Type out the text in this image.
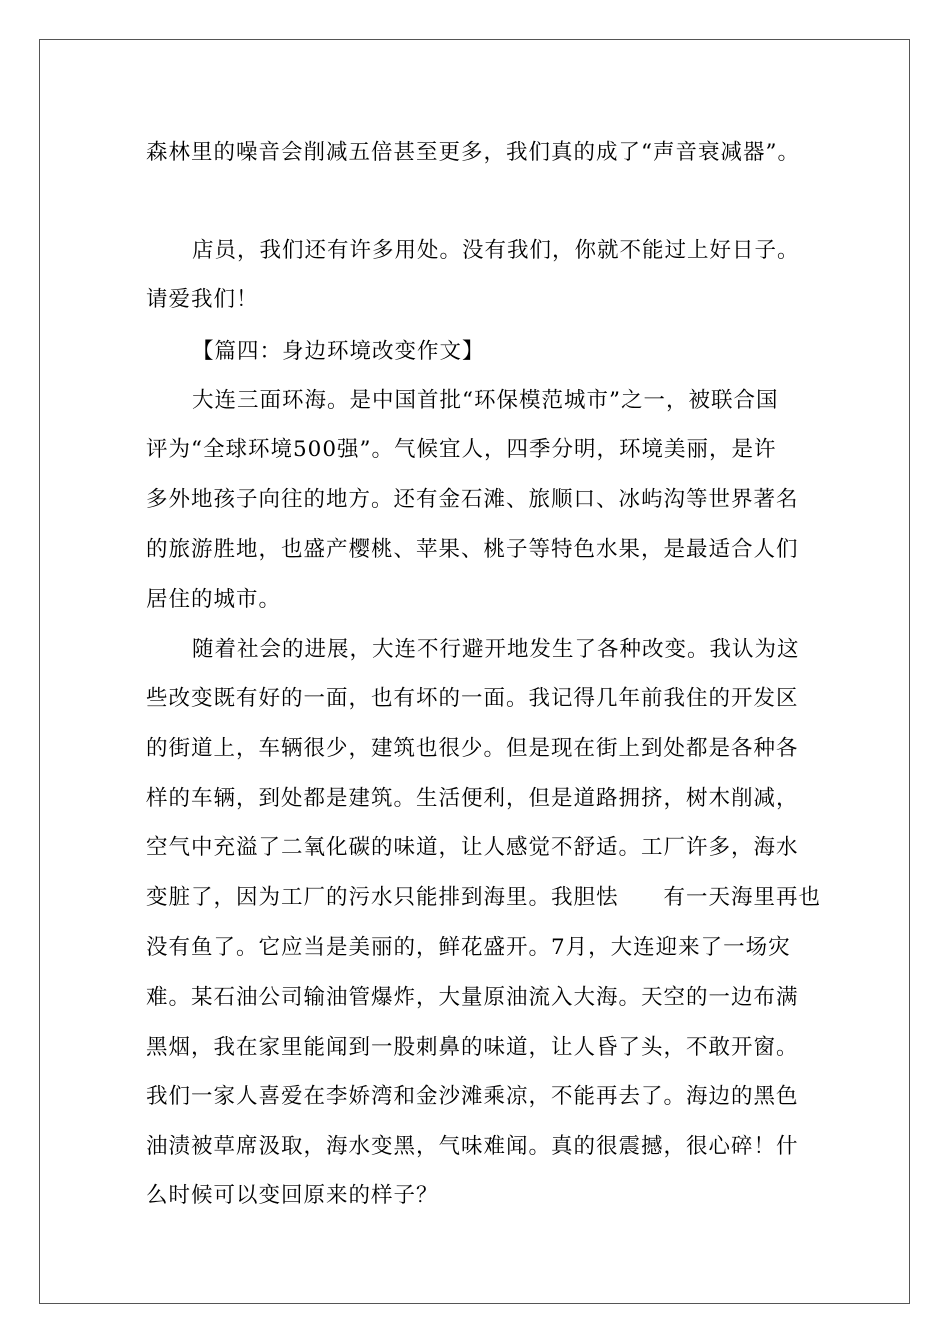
森林里的噪音会削减五倍甚至更多，我们真的成了“声音衰减器”。
店员，我们还有许多用处。没有我们，你就不能过上好日子。
请爱我们！
【篇四：身边环境改变作文】
大连三面环海。是中国首批“环保模范城市”之一，被联合国
评为“全球环境500强”。气候宜人，四季分明，环境美丽，是许
多外地孩子向往的地方。还有金石滩、旅顺口、冰屿沟等世界著名
的旅游胜地，也盛产樱桃、苹果、桃子等特色水果，是最适合人们
居住的城市。
随着社会的进展，大连不行避开地发生了各种改变。我认为这
些改变既有好的一面，也有坏的一面。我记得几年前我住的开发区
的街道上，车辆很少，建筑也很少。但是现在街上到处都是各种各
样的车辆，到处都是建筑。生活便利，但是道路拥挤，树木削减，
空气中充溢了二氧化碳的味道，让人感觉不舒适。工厂许多，海水
变脏了，因为工厂的污水只能排到海里。我胆怯　　有一天海里再也
没有鱼了。它应当是美丽的，鲜花盛开。7月，大连迎来了一场灾
难。某石油公司输油管爆炸，大量原油流入大海。天空的一边布满
黑烟，我在家里能闻到一股刺鼻的味道，让人昏了头，不敢开窗。
我们一家人喜爱在李娇湾和金沙滩乘凉，不能再去了。海边的黑色
油渍被草席汲取，海水变黑，气味难闻。真的很震撼，很心碎！什
么时候可以变回原来的样子？
